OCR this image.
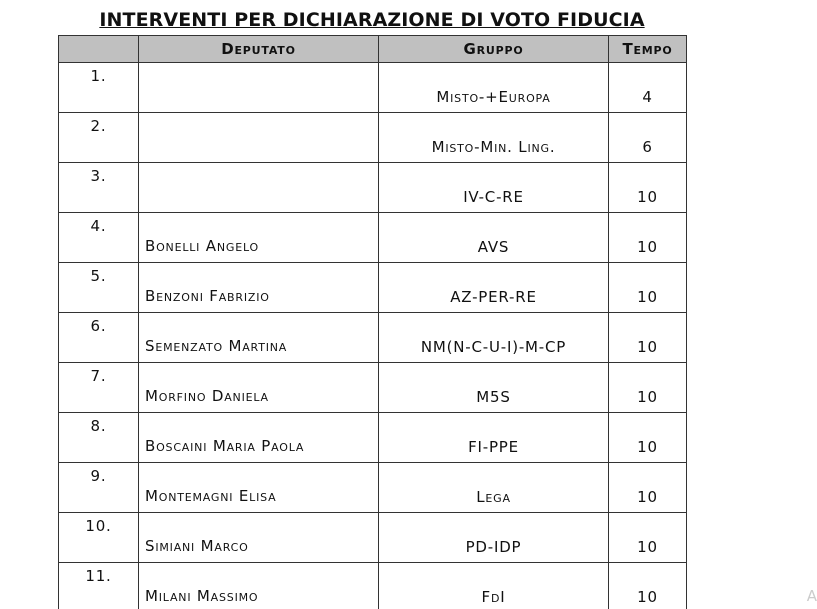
INTERVENTI PER DICHIARAZIONE DI VOTO FIDUCIA
	Deputato	Gruppo	Tempo
1.		Misto-+Europa	4
2.		Misto-Min. Ling.	6
3.		IV-C-RE	10
4.	Bonelli Angelo	AVS	10
5.	Benzoni Fabrizio	AZ-PER-RE	10
6.	Semenzato Martina	NM(N-C-U-I)-M-CP	10
7.	Morfino Daniela	M5S	10
8.	Boscaini Maria Paola	FI-PPE	10
9.	Montemagni Elisa	Lega	10
10.	Simiani Marco	PD-IDP	10
11.	Milani Massimo	FdI	10	A
